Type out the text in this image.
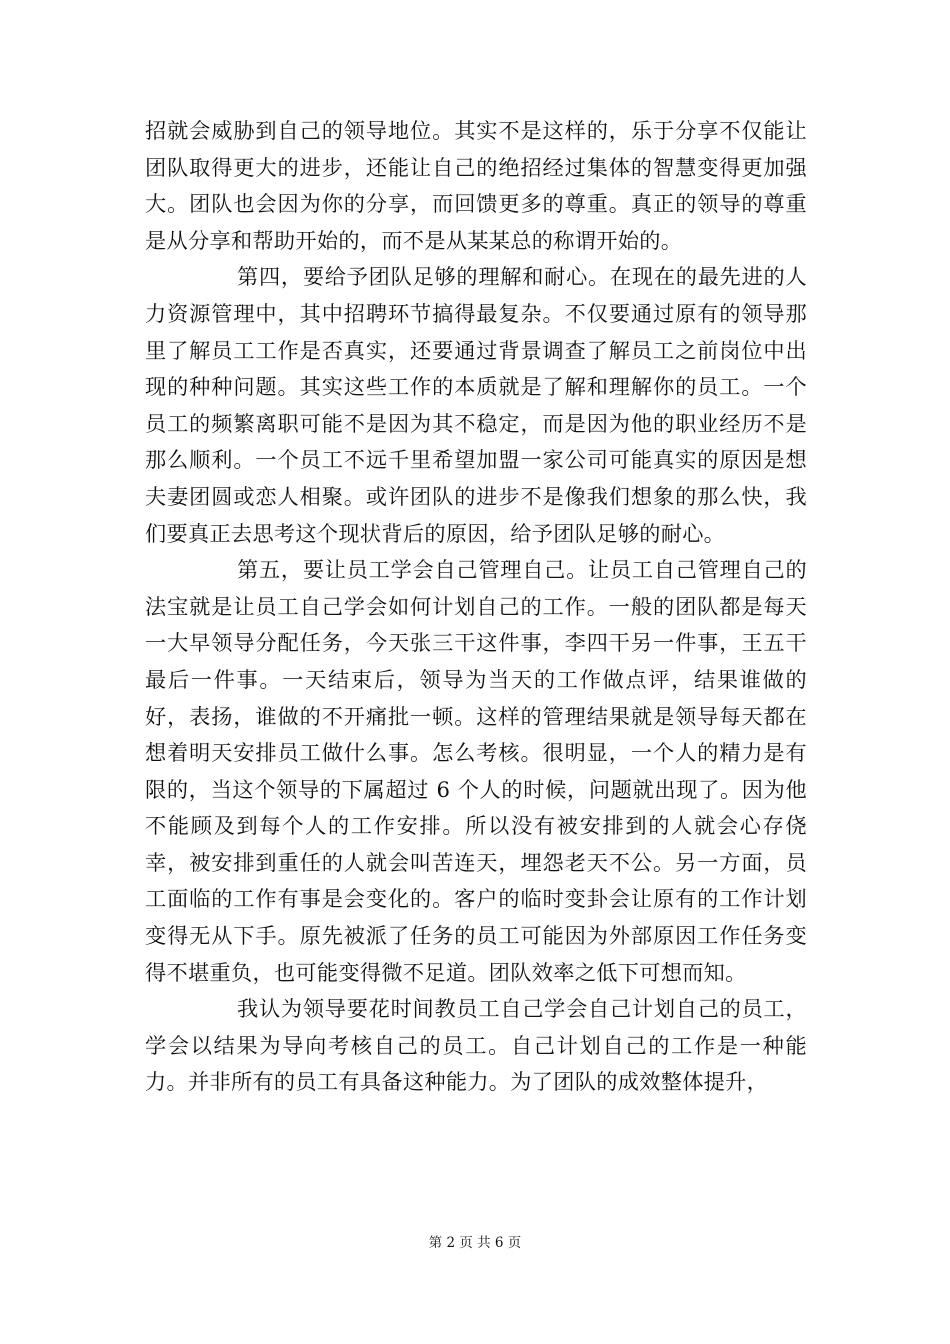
招就会威胁到自己的领导地位。其实不是这样的，乐于分享不仅能让团队取得更大的进步，还能让自己的绝招经过集体的智慧变得更加强大。团队也会因为你的分享，而回馈更多的尊重。真正的领导的尊重是从分享和帮助开始的，而不是从某某总的称谓开始的。

第四，要给予团队足够的理解和耐心。在现在的最先进的人力资源管理中，其中招聘环节搞得最复杂。不仅要通过原有的领导那里了解员工工作是否真实，还要通过背景调查了解员工之前岗位中出现的种种问题。其实这些工作的本质就是了解和理解你的员工。一个员工的频繁离职可能不是因为其不稳定，而是因为他的职业经历不是那么顺利。一个员工不远千里希望加盟一家公司可能真实的原因是想夫妻团圆或恋人相聚。或许团队的进步不是像我们想象的那么快，我们要真正去思考这个现状背后的原因，给予团队足够的耐心。

第五，要让员工学会自己管理自己。让员工自己管理自己的法宝就是让员工自己学会如何计划自己的工作。一般的团队都是每天一大早领导分配任务，今天张三干这件事，李四干另一件事，王五干最后一件事。一天结束后，领导为当天的工作做点评，结果谁做的好，表扬，谁做的不开痛批一顿。这样的管理结果就是领导每天都在想着明天安排员工做什么事。怎么考核。很明显，一个人的精力是有限的，当这个领导的下属超过 6 个人的时候，问题就出现了。因为他不能顾及到每个人的工作安排。所以没有被安排到的人就会心存侥幸，被安排到重任的人就会叫苦连天，埋怨老天不公。另一方面，员工面临的工作有事是会变化的。客户的临时变卦会让原有的工作计划变得无从下手。原先被派了任务的员工可能因为外部原因工作任务变得不堪重负，也可能变得微不足道。团队效率之低下可想而知。

我认为领导要花时间教员工自己学会自己计划自己的员工，学会以结果为导向考核自己的员工。自己计划自己的工作是一种能力。并非所有的员工有具备这种能力。为了团队的成效整体提升，

第 2 页 共 6 页
